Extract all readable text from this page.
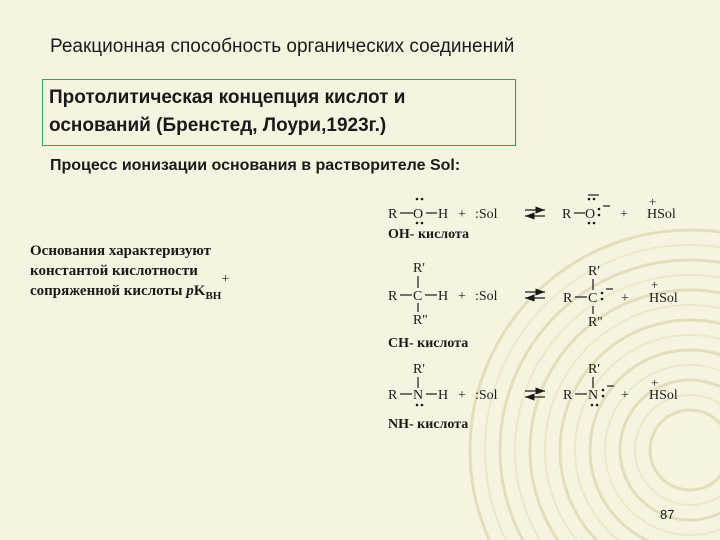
Реакционная способность органических соединений
Протолитическая концепция кислот и
оснований (Бренстед, Лоури,1923г.)
Процесс ионизации основания в растворителе Sol:
Основания характеризуют
константой кислотности
сопряженной кислоты $pK_{BH}+$
R O H + :Sol	R O +
+
HSol
OH- кислота
R'
R C H + :Sol
R''
R'
R C
R''
+
+
HSol
CH- кислота
R'
R N H + :Sol
R'
R N +
+
HSol
NH- кислота
87
